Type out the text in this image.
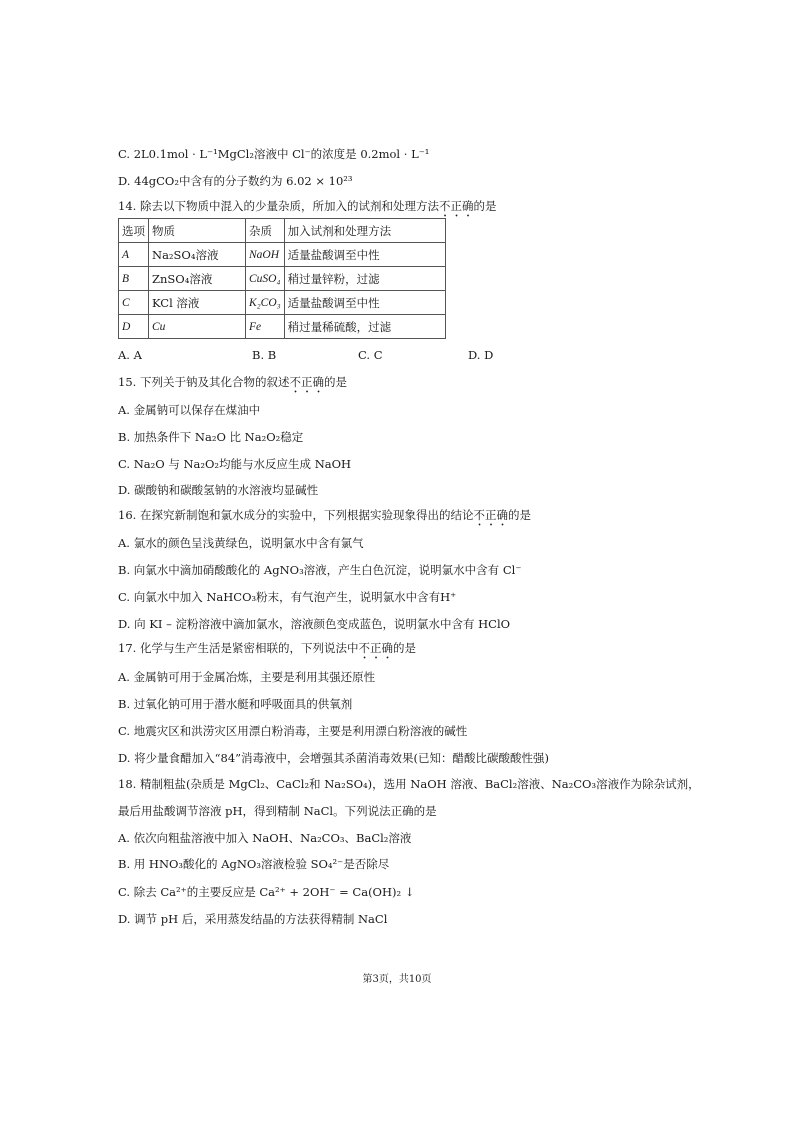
C. 2L0.1mol · L⁻¹MgCl₂溶液中 Cl⁻的浓度是 0.2mol · L⁻¹
D. 44gCO₂中含有的分子数约为 6.02 × 10²³
14. 除去以下物质中混入的少量杂质，所加入的试剂和处理方法不正确的是
选项	物质	杂质	加入试剂和处理方法
A	Na₂SO₄溶液	NaOH	适量盐酸调至中性
B	ZnSO₄溶液	CuSO₄	稍过量锌粉，过滤
C	KCl 溶液	K₂CO₃	适量盐酸调至中性
D	Cu	Fe	稍过量稀硫酸，过滤
A. A	B. B	C. C	D. D
15. 下列关于钠及其化合物的叙述不正确的是
A. 金属钠可以保存在煤油中
B. 加热条件下 Na₂O 比 Na₂O₂稳定
C. Na₂O 与 Na₂O₂均能与水反应生成 NaOH
D. 碳酸钠和碳酸氢钠的水溶液均显碱性
16. 在探究新制饱和氯水成分的实验中，下列根据实验现象得出的结论不正确的是
A. 氯水的颜色呈浅黄绿色，说明氯水中含有氯气
B. 向氯水中滴加硝酸酸化的 AgNO₃溶液，产生白色沉淀，说明氯水中含有 Cl⁻
C. 向氯水中加入 NaHCO₃粉末，有气泡产生，说明氯水中含有H⁺
D. 向 KI – 淀粉溶液中滴加氯水，溶液颜色变成蓝色，说明氯水中含有 HClO
17. 化学与生产生活是紧密相联的，下列说法中不正确的是
A. 金属钠可用于金属冶炼，主要是利用其强还原性
B. 过氧化钠可用于潜水艇和呼吸面具的供氧剂
C. 地震灾区和洪涝灾区用漂白粉消毒，主要是利用漂白粉溶液的碱性
D. 将少量食醋加入“84”消毒液中，会增强其杀菌消毒效果(已知：醋酸比碳酸酸性强)
18. 精制粗盐(杂质是 MgCl₂、CaCl₂和 Na₂SO₄)，选用 NaOH 溶液、BaCl₂溶液、Na₂CO₃溶液作为除杂试剂，
最后用盐酸调节溶液 pH，得到精制 NaCl。下列说法正确的是
A. 依次向粗盐溶液中加入 NaOH、Na₂CO₃、BaCl₂溶液
B. 用 HNO₃酸化的 AgNO₃溶液检验 SO₄²⁻是否除尽
C. 除去 Ca²⁺的主要反应是 Ca²⁺ + 2OH⁻ = Ca(OH)₂ ↓
D. 调节 pH 后，采用蒸发结晶的方法获得精制 NaCl
第3页，共10页
